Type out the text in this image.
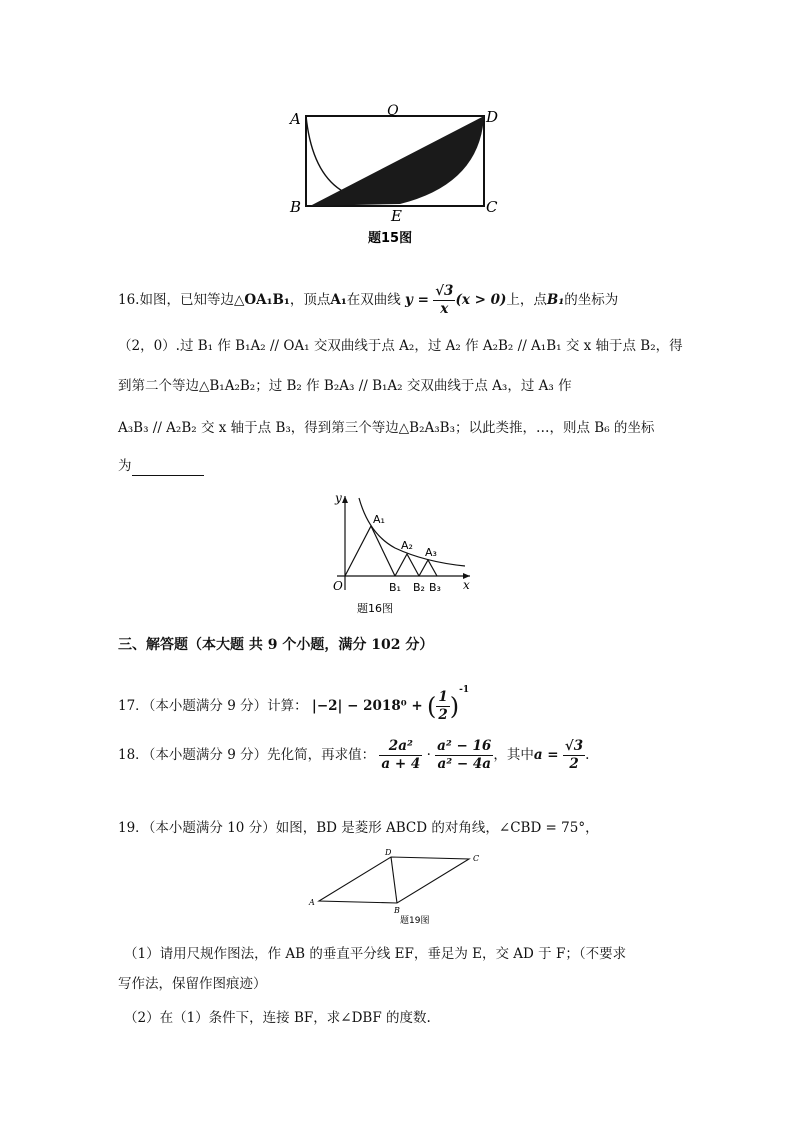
A	Q	D
B	E	C
题15图
16.如图，已知等边△OA₁B₁，顶点A₁在双曲线 $y = \frac{√3}{x} (x > 0)$上，点B₁的坐标为
（2，0）.过 B₁ 作 B₁A₂ // OA₁ 交双曲线于点 A₂，过 A₂ 作 A₂B₂ // A₁B₁ 交 x 轴于点 B₂，得
到第二个等边△B₁A₂B₂；过 B₂ 作 B₂A₃ // B₁A₂ 交双曲线于点 A₃，过 A₃ 作
A₃B₃ // A₂B₂ 交 x 轴于点 B₃，得到第三个等边△B₂A₃B₃；以此类推，…，则点 B₆ 的坐标
为
y
x
O
A₁
A₂
A₃
B₁ B₂ B₃
题16图
三、解答题（本大题 共 9 个小题，满分 102 分）
17．（本小题满分 9 分）计算： |−2| − 2018⁰ + ( $\frac{1}{2} )^{-1}$
18．（本小题满分 9 分）先化简，再求值： $\frac{\text{2a²}}{a + 4} \cdot \frac{\text{a² − 16}}{\text{a² − 4a}}$ ，其中$a = \frac{√3}{2}$ .
19．（本小题满分 10 分）如图，BD 是菱形 ABCD 的对角线，∠CBD = 75°，
A
D
C
B
题19图
（1）请用尺规作图法，作 AB 的垂直平分线 EF，垂足为 E，交 AD 于 F；（不要求
写作法，保留作图痕迹）
（2）在（1）条件下，连接 BF，求∠DBF 的度数.
